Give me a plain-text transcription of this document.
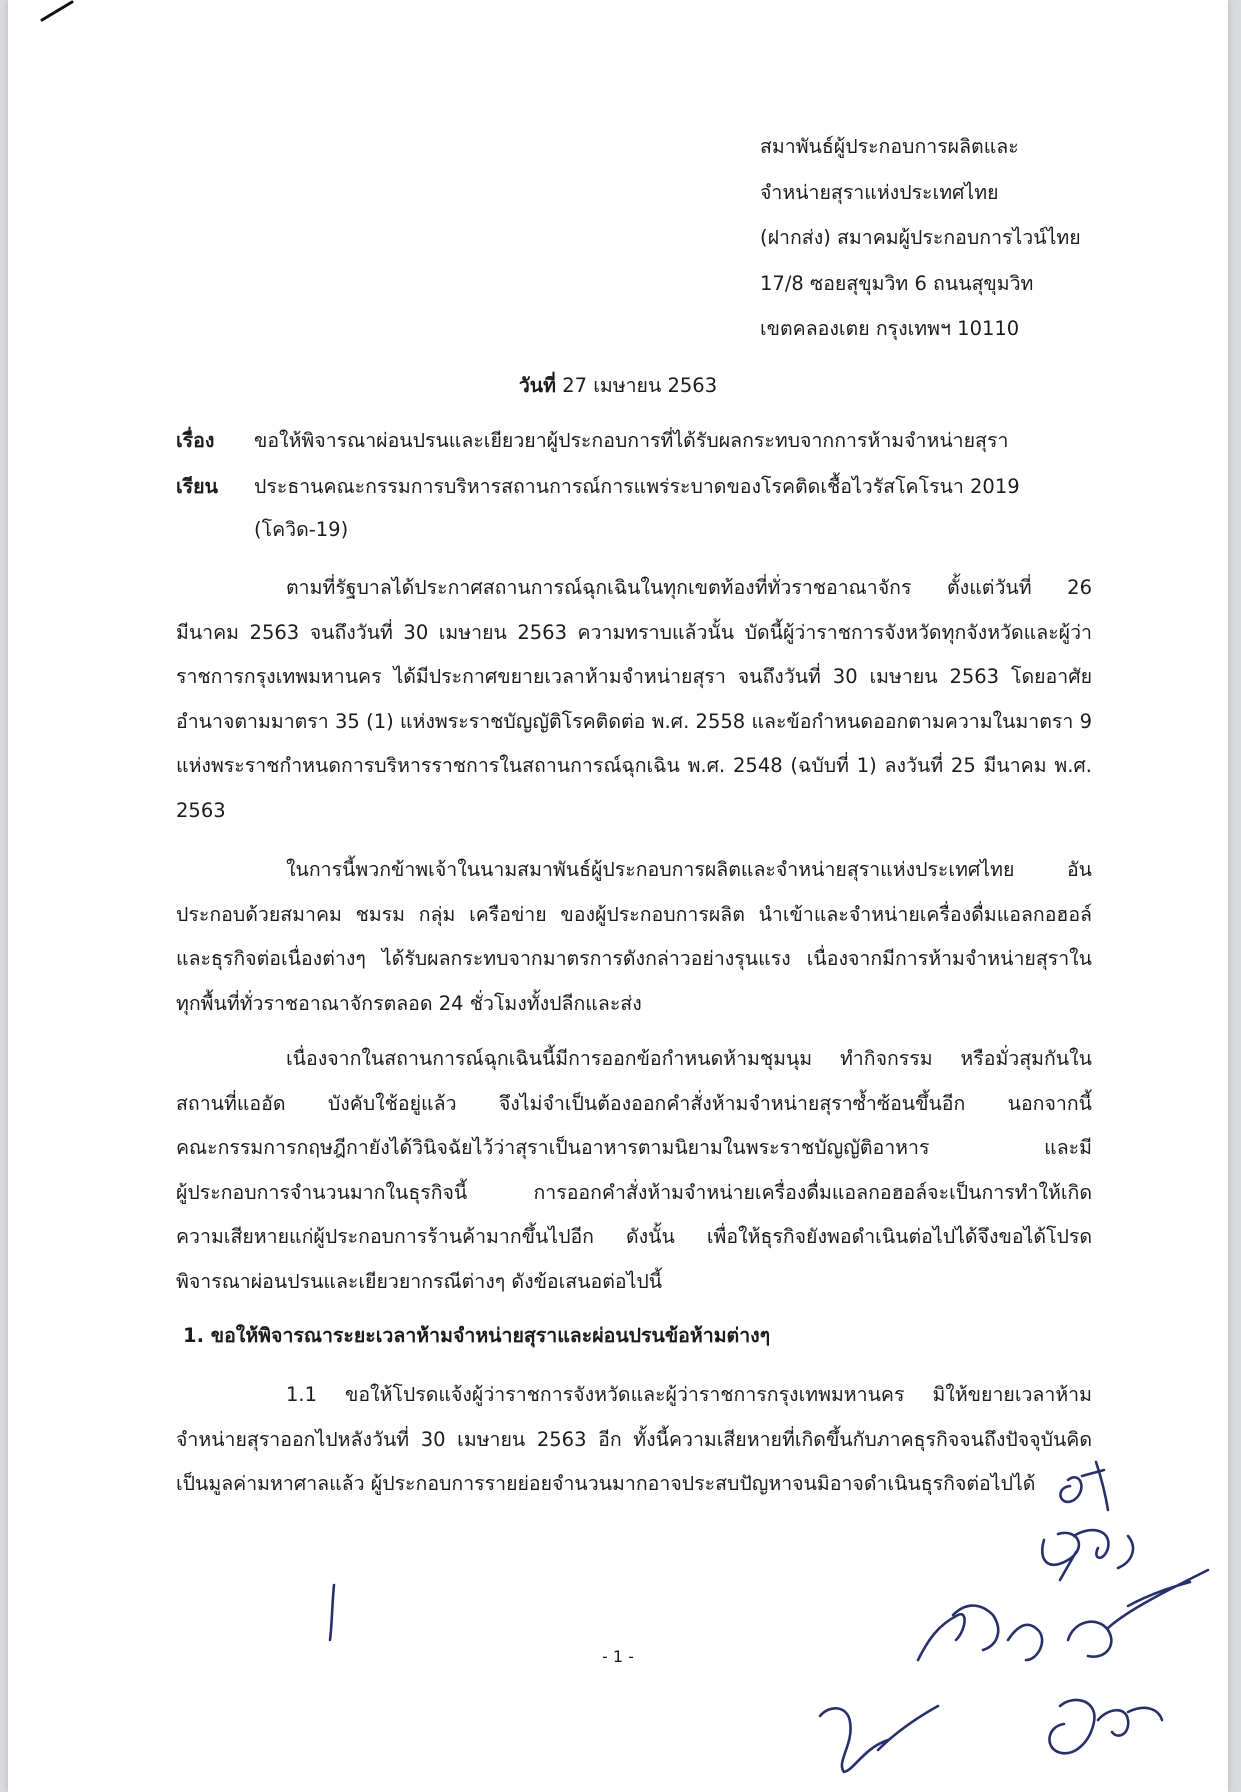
สมาพันธ์ผู้ประกอบการผลิตและ
จำหน่ายสุราแห่งประเทศไทย
(ฝากส่ง) สมาคมผู้ประกอบการไวน์ไทย
17/8 ซอยสุขุมวิท 6 ถนนสุขุมวิท
เขตคลองเตย กรุงเทพฯ 10110
วันที่ 27 เมษายน 2563
เรื่อง ขอให้พิจารณาผ่อนปรนและเยียวยาผู้ประกอบการที่ได้รับผลกระทบจากการห้ามจำหน่ายสุรา
เรียน ประธานคณะกรรมการบริหารสถานการณ์การแพร่ระบาดของโรคติดเชื้อไวรัสโคโรนา 2019
(โควิด-19)
ตามที่รัฐบาลได้ประกาศสถานการณ์ฉุกเฉินในทุกเขตท้องที่ทั่วราชอาณาจักร ตั้งแต่วันที่ 26
มีนาคม 2563 จนถึงวันที่ 30 เมษายน 2563 ความทราบแล้วนั้น บัดนี้ผู้ว่าราชการจังหวัดทุกจังหวัดและผู้ว่า
ราชการกรุงเทพมหานคร ได้มีประกาศขยายเวลาห้ามจำหน่ายสุรา จนถึงวันที่ 30 เมษายน 2563 โดยอาศัย
อำนาจตามมาตรา 35 (1) แห่งพระราชบัญญัติโรคติดต่อ พ.ศ. 2558 และข้อกำหนดออกตามความในมาตรา 9
แห่งพระราชกำหนดการบริหารราชการในสถานการณ์ฉุกเฉิน พ.ศ. 2548 (ฉบับที่ 1) ลงวันที่ 25 มีนาคม พ.ศ.
2563
ในการนี้พวกข้าพเจ้าในนามสมาพันธ์ผู้ประกอบการผลิตและจำหน่ายสุราแห่งประเทศไทย อัน
ประกอบด้วยสมาคม ชมรม กลุ่ม เครือข่าย ของผู้ประกอบการผลิต นำเข้าและจำหน่ายเครื่องดื่มแอลกอฮอล์
และธุรกิจต่อเนื่องต่างๆ ได้รับผลกระทบจากมาตรการดังกล่าวอย่างรุนแรง เนื่องจากมีการห้ามจำหน่ายสุราใน
ทุกพื้นที่ทั่วราชอาณาจักรตลอด 24 ชั่วโมงทั้งปลีกและส่ง
เนื่องจากในสถานการณ์ฉุกเฉินนี้มีการออกข้อกำหนดห้ามชุมนุม ทำกิจกรรม หรือมั่วสุมกันใน
สถานที่แออัด บังคับใช้อยู่แล้ว จึงไม่จำเป็นต้องออกคำสั่งห้ามจำหน่ายสุราซ้ำซ้อนขึ้นอีก นอกจากนี้
คณะกรรมการกฤษฎีกายังได้วินิจฉัยไว้ว่าสุราเป็นอาหารตามนิยามในพระราชบัญญัติอาหาร และมี
ผู้ประกอบการจำนวนมากในธุรกิจนี้ การออกคำสั่งห้ามจำหน่ายเครื่องดื่มแอลกอฮอล์จะเป็นการทำให้เกิด
ความเสียหายแก่ผู้ประกอบการร้านค้ามากขึ้นไปอีก ดังนั้น เพื่อให้ธุรกิจยังพอดำเนินต่อไปได้จึงขอได้โปรด
พิจารณาผ่อนปรนและเยียวยากรณีต่างๆ ดังข้อเสนอต่อไปนี้
1. ขอให้พิจารณาระยะเวลาห้ามจำหน่ายสุราและผ่อนปรนข้อห้ามต่างๆ
1.1 ขอให้โปรดแจ้งผู้ว่าราชการจังหวัดและผู้ว่าราชการกรุงเทพมหานคร มิให้ขยายเวลาห้าม
จำหน่ายสุราออกไปหลังวันที่ 30 เมษายน 2563 อีก ทั้งนี้ความเสียหายที่เกิดขึ้นกับภาคธุรกิจจนถึงปัจจุบันคิด
เป็นมูลค่ามหาศาลแล้ว ผู้ประกอบการรายย่อยจำนวนมากอาจประสบปัญหาจนมิอาจดำเนินธุรกิจต่อไปได้
- 1 -
